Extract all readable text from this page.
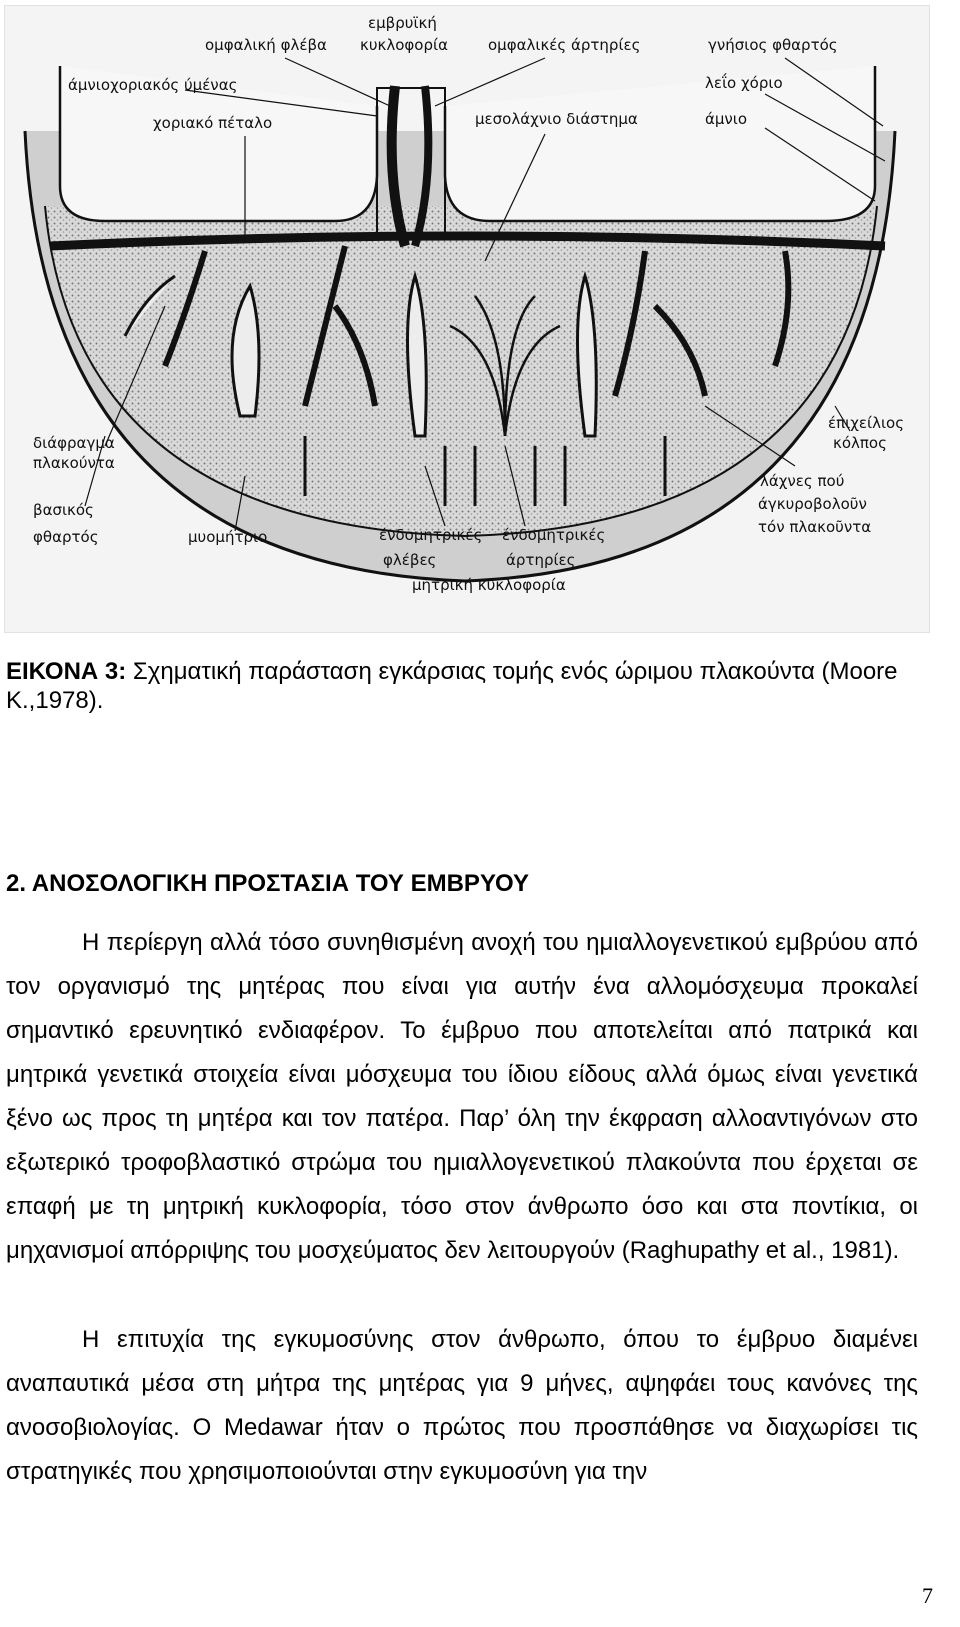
εμβρυϊκή
κυκλοφορία
ομφαλική φλέβα	ομφαλικές άρτηρίες	γνήσιος φθαρτός
άμνιοχοριακός ύμένας	λεΐο χόριο
χοριακό πέταλο	μεσολάχνιο διάστημα	άμνιο
έπιχείλιος
κόλπος
διάφραγμα
πλακούντα
λάχνες πού
άγκυροβολοῦν
τόν πλακοῦντα
βασικός
φθαρτός	μυομήτριο	ένδομητρικές
φλέβες
ένδομητρικές
άρτηρίες
μητρική κυκλοφορία
ΕΙΚΟΝΑ 3: Σχηματική παράσταση εγκάρσιας τομής ενός ώριμου πλακούντα (Moore K.,1978).
2. ΑΝΟΣΟΛΟΓΙΚΗ ΠΡΟΣΤΑΣΙΑ ΤΟΥ ΕΜΒΡΥΟΥ

Η περίεργη αλλά τόσο συνηθισμένη ανοχή του ημιαλλογενετικού εμβρύου από τον οργανισμό της μητέρας που είναι για αυτήν ένα αλλομόσχευμα προκαλεί σημαντικό ερευνητικό ενδιαφέρον. Το έμβρυο που αποτελείται από πατρικά και μητρικά γενετικά στοιχεία είναι μόσχευμα του ίδιου είδους αλλά όμως είναι γενετικά ξένο ως προς τη μητέρα και τον πατέρα. Παρ’ όλη την έκφραση αλλοαντιγόνων στο εξωτερικό τροφοβλαστικό στρώμα του ημιαλλογενετικού πλακούντα που έρχεται σε επαφή με τη μητρική κυκλοφορία, τόσο στον άνθρωπο όσο και στα ποντίκια, οι μηχανισμοί απόρριψης του μοσχεύματος δεν λειτουργούν (Raghupathy et al., 1981).

Η επιτυχία της εγκυμοσύνης στον άνθρωπο, όπου το έμβρυο διαμένει αναπαυτικά μέσα στη μήτρα της μητέρας για 9 μήνες, αψηφάει τους κανόνες της ανοσοβιολογίας. Ο Medawar ήταν ο πρώτος που προσπάθησε να διαχωρίσει τις στρατηγικές που χρησιμοποιούνται στην εγκυμοσύνη για την

7
